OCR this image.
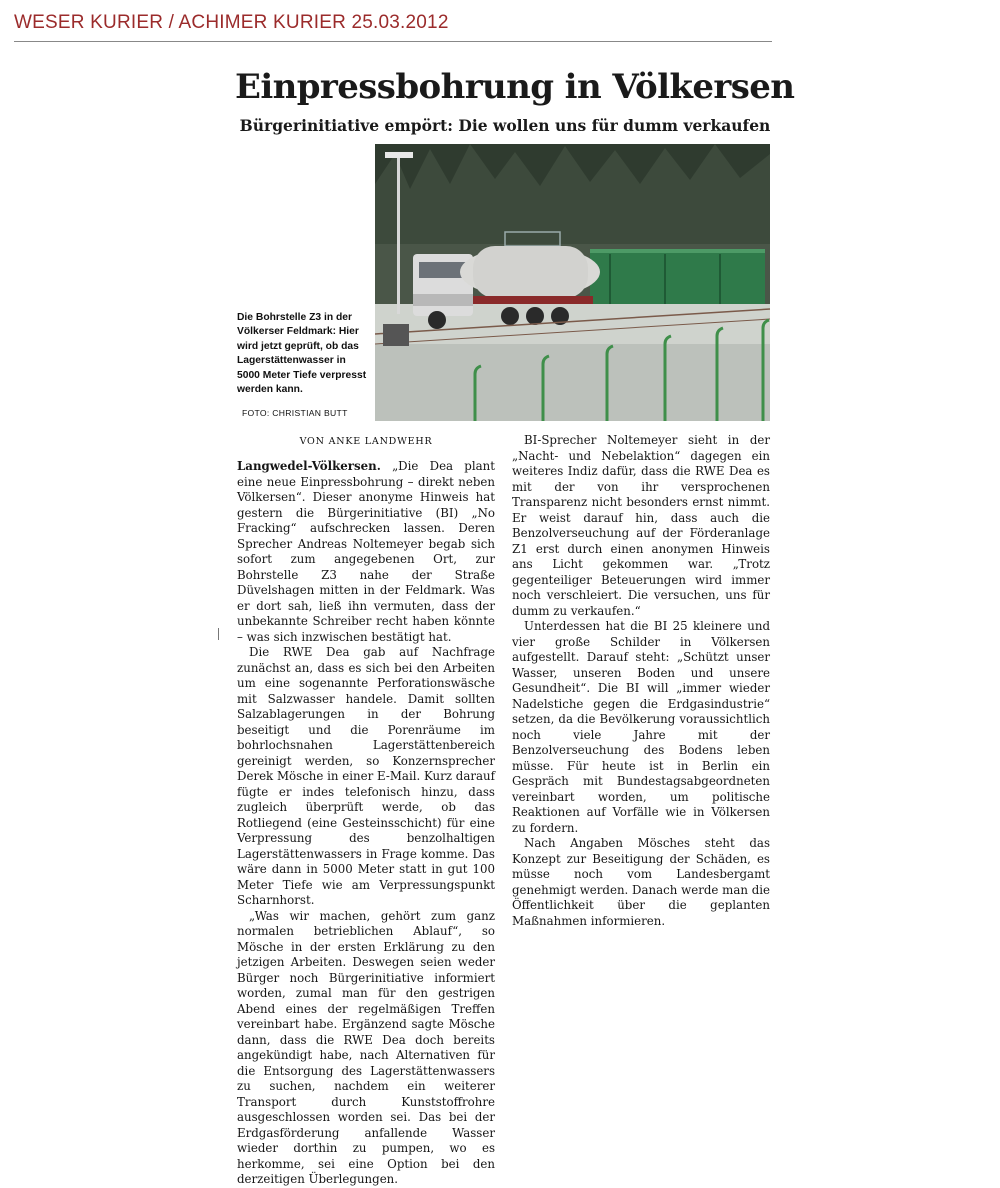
WESER KURIER / ACHIMER KURIER 25.03.2012
Einpressbohrung in Völkersen
Bürgerinitiative empört: Die wollen uns für dumm verkaufen
Die Bohrstelle Z3 in der Völkerser Feldmark: Hier wird jetzt geprüft, ob das Lagerstättenwasser in 5000 Meter Tiefe verpresst werden kann.
FOTO: CHRISTIAN BUTT
VON ANKE LANDWEHR

Langwedel-Völkersen. „Die Dea plant eine neue Einpressbohrung – direkt neben Völkersen“. Dieser anonyme Hinweis hat gestern die Bürgerinitiative (BI) „No Fracking“ aufschrecken lassen. Deren Sprecher Andreas Noltemeyer begab sich sofort zum angegebenen Ort, zur Bohrstelle Z3 nahe der Straße Düvelshagen mitten in der Feldmark. Was er dort sah, ließ ihn vermuten, dass der unbekannte Schreiber recht haben könnte – was sich inzwischen bestätigt hat.

Die RWE Dea gab auf Nachfrage zunächst an, dass es sich bei den Arbeiten um eine sogenannte Perforationswäsche mit Salzwasser handele. Damit sollten Salzablagerungen in der Bohrung beseitigt und die Porenräume im bohrlochsnahen Lagerstättenbereich gereinigt werden, so Konzernsprecher Derek Mösche in einer E-Mail. Kurz darauf fügte er indes telefonisch hinzu, dass zugleich überprüft werde, ob das Rotliegend (eine Gesteinsschicht) für eine Verpressung des benzolhaltigen Lagerstättenwassers in Frage komme. Das wäre dann in 5000 Meter statt in gut 100 Meter Tiefe wie am Verpressungspunkt Scharnhorst.

„Was wir machen, gehört zum ganz normalen betrieblichen Ablauf“, so Mösche in der ersten Erklärung zu den jetzigen Arbeiten. Deswegen seien weder Bürger noch Bürgerinitiative informiert worden, zumal man für den gestrigen Abend eines der regelmäßigen Treffen vereinbart habe. Ergänzend sagte Mösche dann, dass die RWE Dea doch bereits angekündigt habe, nach Alternativen für die Entsorgung des Lagerstättenwassers zu suchen, nachdem ein weiterer Transport durch Kunststoffrohre ausgeschlossen worden sei. Das bei der Erdgasförderung anfallende Wasser wieder dorthin zu pumpen, wo es herkomme, sei eine Option bei den derzeitigen Überlegungen.

BI-Sprecher Noltemeyer sieht in der „Nacht- und Nebelaktion“ dagegen ein weiteres Indiz dafür, dass die RWE Dea es mit der von ihr versprochenen Transparenz nicht besonders ernst nimmt. Er weist darauf hin, dass auch die Benzolverseuchung auf der Förderanlage Z1 erst durch einen anonymen Hinweis ans Licht gekommen war. „Trotz gegenteiliger Beteuerungen wird immer noch verschleiert. Die versuchen, uns für dumm zu verkaufen.“

Unterdessen hat die BI 25 kleinere und vier große Schilder in Völkersen aufgestellt. Darauf steht: „Schützt unser Wasser, unseren Boden und unsere Gesundheit“. Die BI will „immer wieder Nadelstiche gegen die Erdgasindustrie“ setzen, da die Bevölkerung voraussichtlich noch viele Jahre mit der Benzolverseuchung des Bodens leben müsse. Für heute ist in Berlin ein Gespräch mit Bundestagsabgeordneten vereinbart worden, um politische Reaktionen auf Vorfälle wie in Völkersen zu fordern.

Nach Angaben Mösches steht das Konzept zur Beseitigung der Schäden, es müsse noch vom Landesbergamt genehmigt werden. Danach werde man die Öffentlichkeit über die geplanten Maßnahmen informieren.
